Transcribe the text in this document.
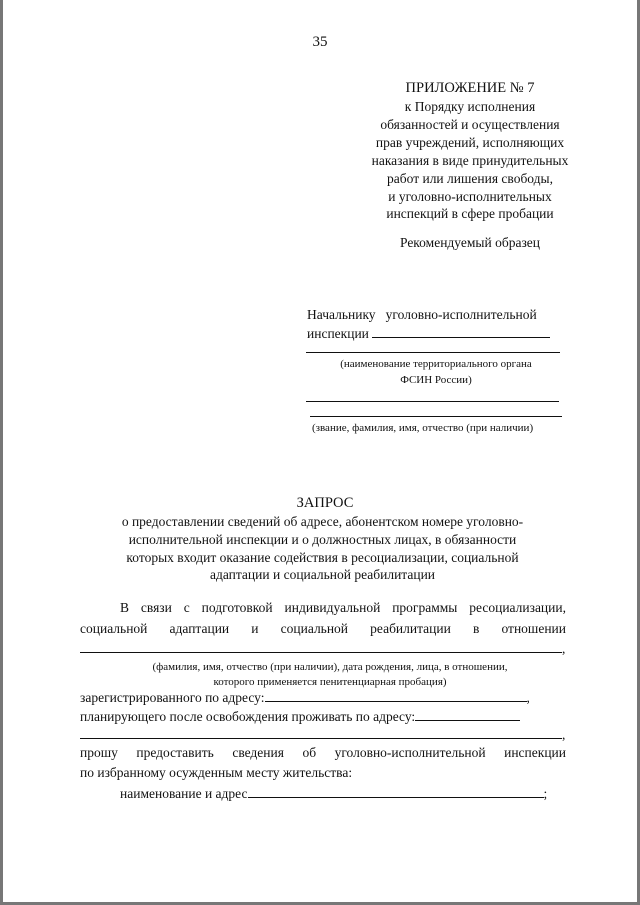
35
ПРИЛОЖЕНИЕ № 7
к Порядку исполнения
обязанностей и осуществления
прав учреждений, исполняющих
наказания в виде принудительных
работ или лишения свободы,
и уголовно-исполнительных
инспекций в сфере пробации
Рекомендуемый образец
Начальнику   уголовно-исполнительной
инспекции
(наименование территориального органа
ФСИН России)
(звание, фамилия, имя, отчество (при наличии)
ЗАПРОС
о предоставлении сведений об адресе, абонентском номере уголовно-
исполнительной инспекции и о должностных лицах, в обязанности
которых входит оказание содействия в ресоциализации, социальной
адаптации и социальной реабилитации
В связи с подготовкой индивидуальной программы ресоциализации,
социальной адаптации и социальной реабилитации в отношении
,
(фамилия, имя, отчество (при наличии), дата рождения, лица, в отношении,
которого применяется пенитенциарная пробация)
зарегистрированного по адресу:	,
планирующего после освобождения проживать по адресу:
,
прошу предоставить сведения об уголовно-исполнительной инспекции
по избранному осужденным месту жительства:
наименование и адрес	;
